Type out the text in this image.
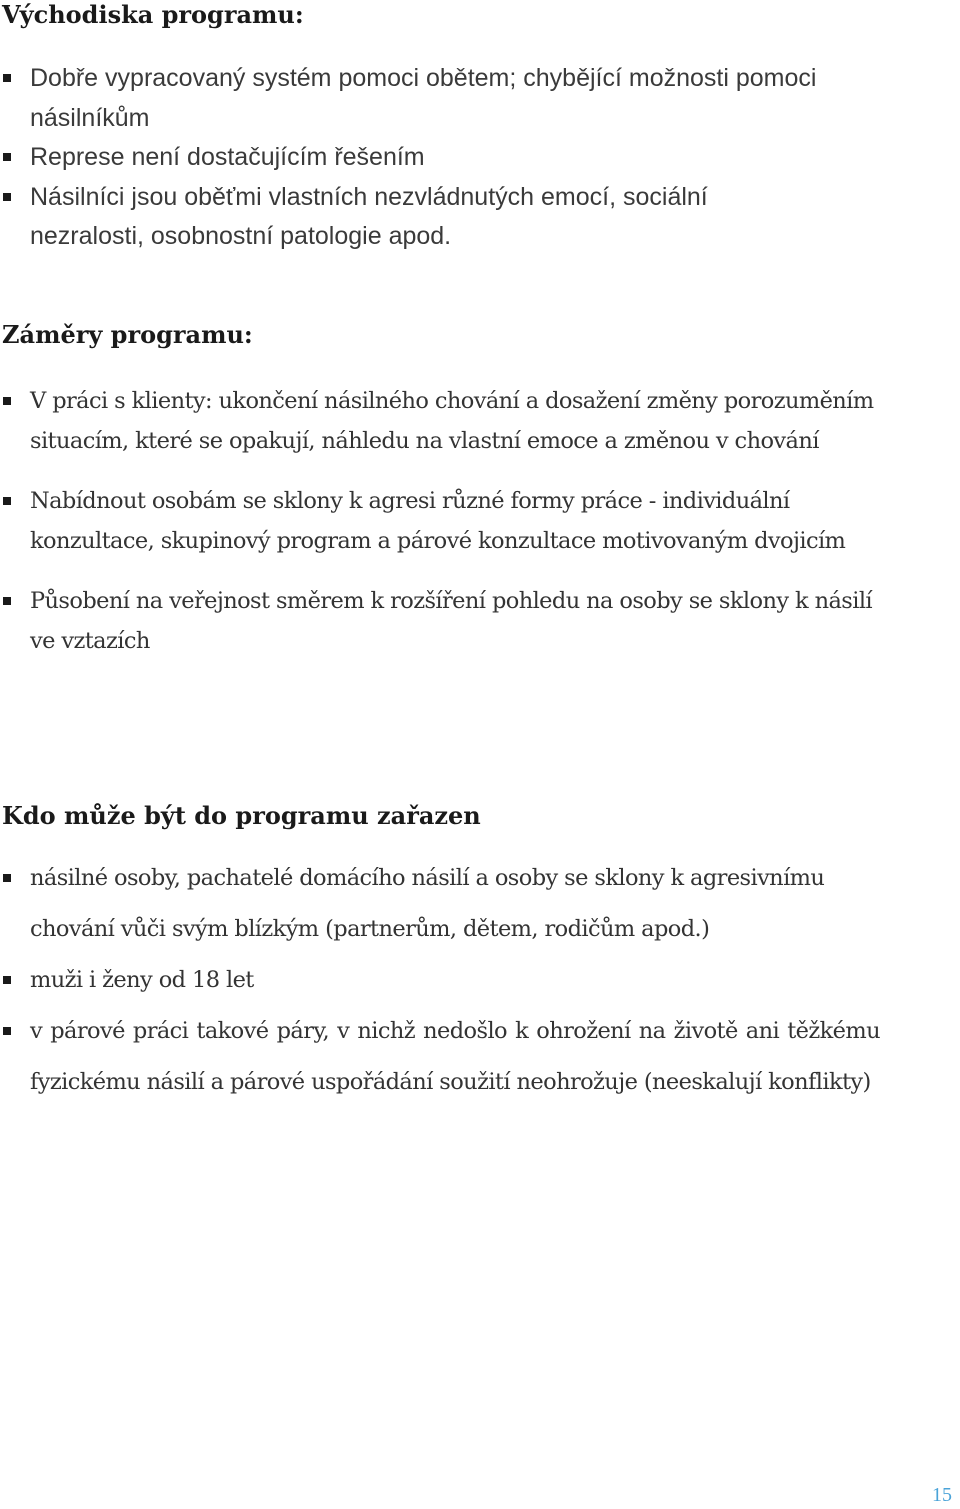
Východiska programu:
Dobře vypracovaný systém pomoci obětem; chybějící možnosti pomoci násilníkům
Represe není dostačujícím řešením
Násilníci jsou oběťmi vlastních nezvládnutých emocí, sociální nezralosti, osobnostní patologie apod.
Záměry programu:
V práci s klienty: ukončení násilného chování a dosažení změny porozuměním situacím, které se opakují, náhledu na vlastní emoce a změnou v chování
Nabídnout osobám se sklony k agresi různé formy práce - individuální konzultace, skupinový program a párové konzultace motivovaným dvojicím
Působení na veřejnost směrem k rozšíření pohledu na osoby se sklony k násilí ve vztazích
Kdo může být do programu zařazen
násilné osoby, pachatelé domácího násilí a osoby se sklony k agresivnímu chování vůči svým blízkým (partnerům, dětem, rodičům apod.)
muži i ženy od 18 let
v párové práci takové páry, v nichž nedošlo k ohrožení na životě ani těžkému fyzickému násilí a párové uspořádání soužití neohrožuje (neeskalují konflikty)
15
